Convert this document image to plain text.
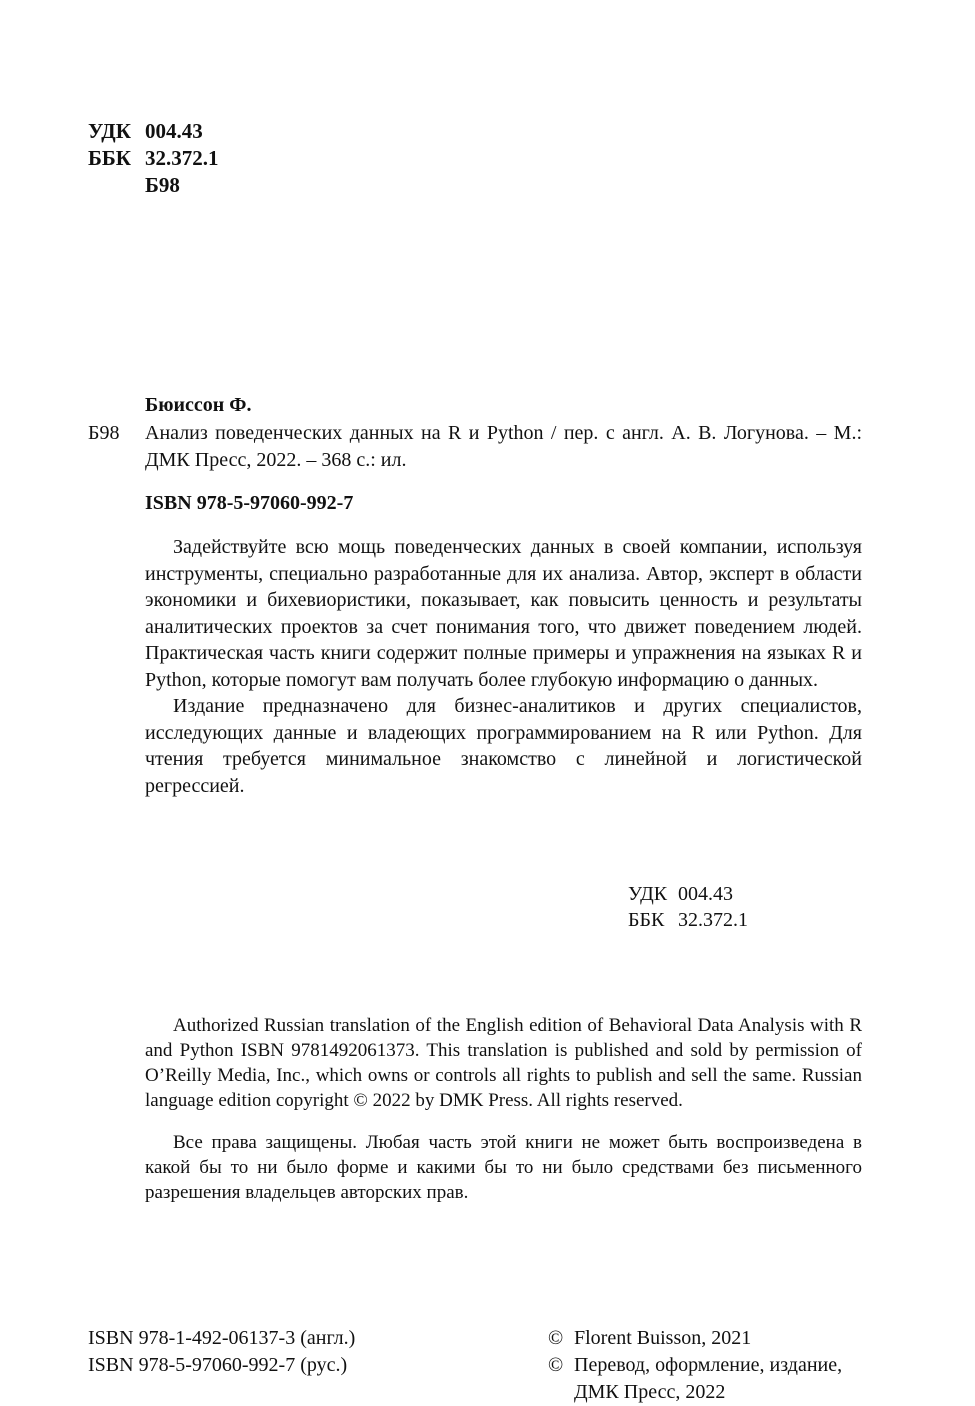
УДК 004.43
ББК 32.372.1
Б98
Бюиссон Ф.
Б98	Анализ поведенческих данных на R и Python / пер. с англ. А. В. Логунова. – М.: ДМК Пресс, 2022. – 368 с.: ил.
ISBN 978-5-97060-992-7

Задействуйте всю мощь поведенческих данных в своей компании, используя инструменты, специально разработанные для их анализа. Автор, эксперт в области экономики и бихевиористики, показывает, как повысить ценность и результаты аналитических проектов за счет понимания того, что движет поведением людей. Практическая часть книги содержит полные примеры и упражнения на языках R и Python, которые помогут вам получать более глубокую информацию о данных.

Издание предназначено для бизнес-аналитиков и других специалистов, исследующих данные и владеющих программированием на R или Python. Для чтения требуется минимальное знакомство с линейной и логистической регрессией.

УДК 004.43
ББК 32.372.1

Authorized Russian translation of the English edition of Behavioral Data Analysis with R and Python ISBN 9781492061373. This translation is published and sold by permission of O’Reilly Media, Inc., which owns or controls all rights to publish and sell the same. Russian language edition copyright © 2022 by DMK Press. All rights reserved.

Все права защищены. Любая часть этой книги не может быть воспроизведена в какой бы то ни было форме и какими бы то ни было средствами без письменного разрешения владельцев авторских прав.

ISBN 978-1-492-06137-3 (англ.)
ISBN 978-5-97060-992-7 (рус.)
© Florent Buisson, 2021
© Перевод, оформление, издание,
ДМК Пресс, 2022
